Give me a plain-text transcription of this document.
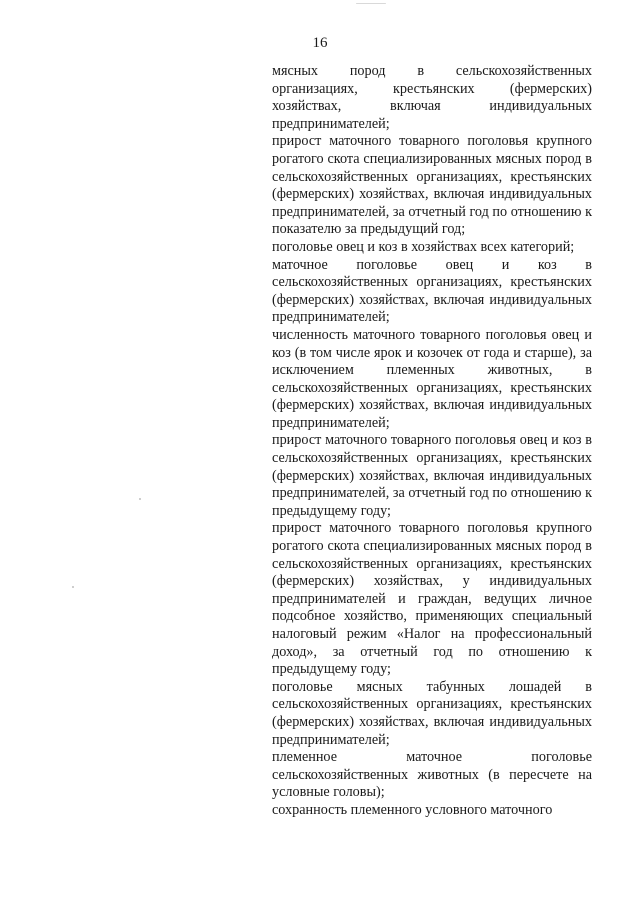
16

мясных пород в сельскохозяйственных организациях, крестьянских (фермерских) хозяйствах, включая индивидуальных предпринимателей;

прирост маточного товарного поголовья крупного рогатого скота специализированных мясных пород в сельскохозяйственных организациях, крестьянских (фермерских) хозяйствах, включая индивидуальных предпринимателей, за отчетный год по отношению к показателю за предыдущий год;

поголовье овец и коз в хозяйствах всех категорий;

маточное поголовье овец и коз в сельскохозяйственных организациях, крестьянских (фермерских) хозяйствах, включая индивидуальных предпринимателей;

численность маточного товарного поголовья овец и коз (в том числе ярок и козочек от года и старше), за исключением племенных животных, в сельскохозяйственных организациях, крестьянских (фермерских) хозяйствах, включая индивидуальных предпринимателей;

прирост маточного товарного поголовья овец и коз в сельскохозяйственных организациях, крестьянских (фермерских) хозяйствах, включая индивидуальных предпринимателей, за отчетный год по отношению к предыдущему году;

прирост маточного товарного поголовья крупного рогатого скота специализированных мясных пород в сельскохозяйственных организациях, крестьянских (фермерских) хозяйствах, у индивидуальных предпринимателей и граждан, ведущих личное подсобное хозяйство, применяющих специальный налоговый режим «Налог на профессиональный доход», за отчетный год по отношению к предыдущему году;

поголовье мясных табунных лошадей в сельскохозяйственных организациях, крестьянских (фермерских) хозяйствах, включая индивидуальных предпринимателей;

племенное маточное поголовье сельскохозяйственных животных (в пересчете на условные головы);

сохранность племенного условного маточного
